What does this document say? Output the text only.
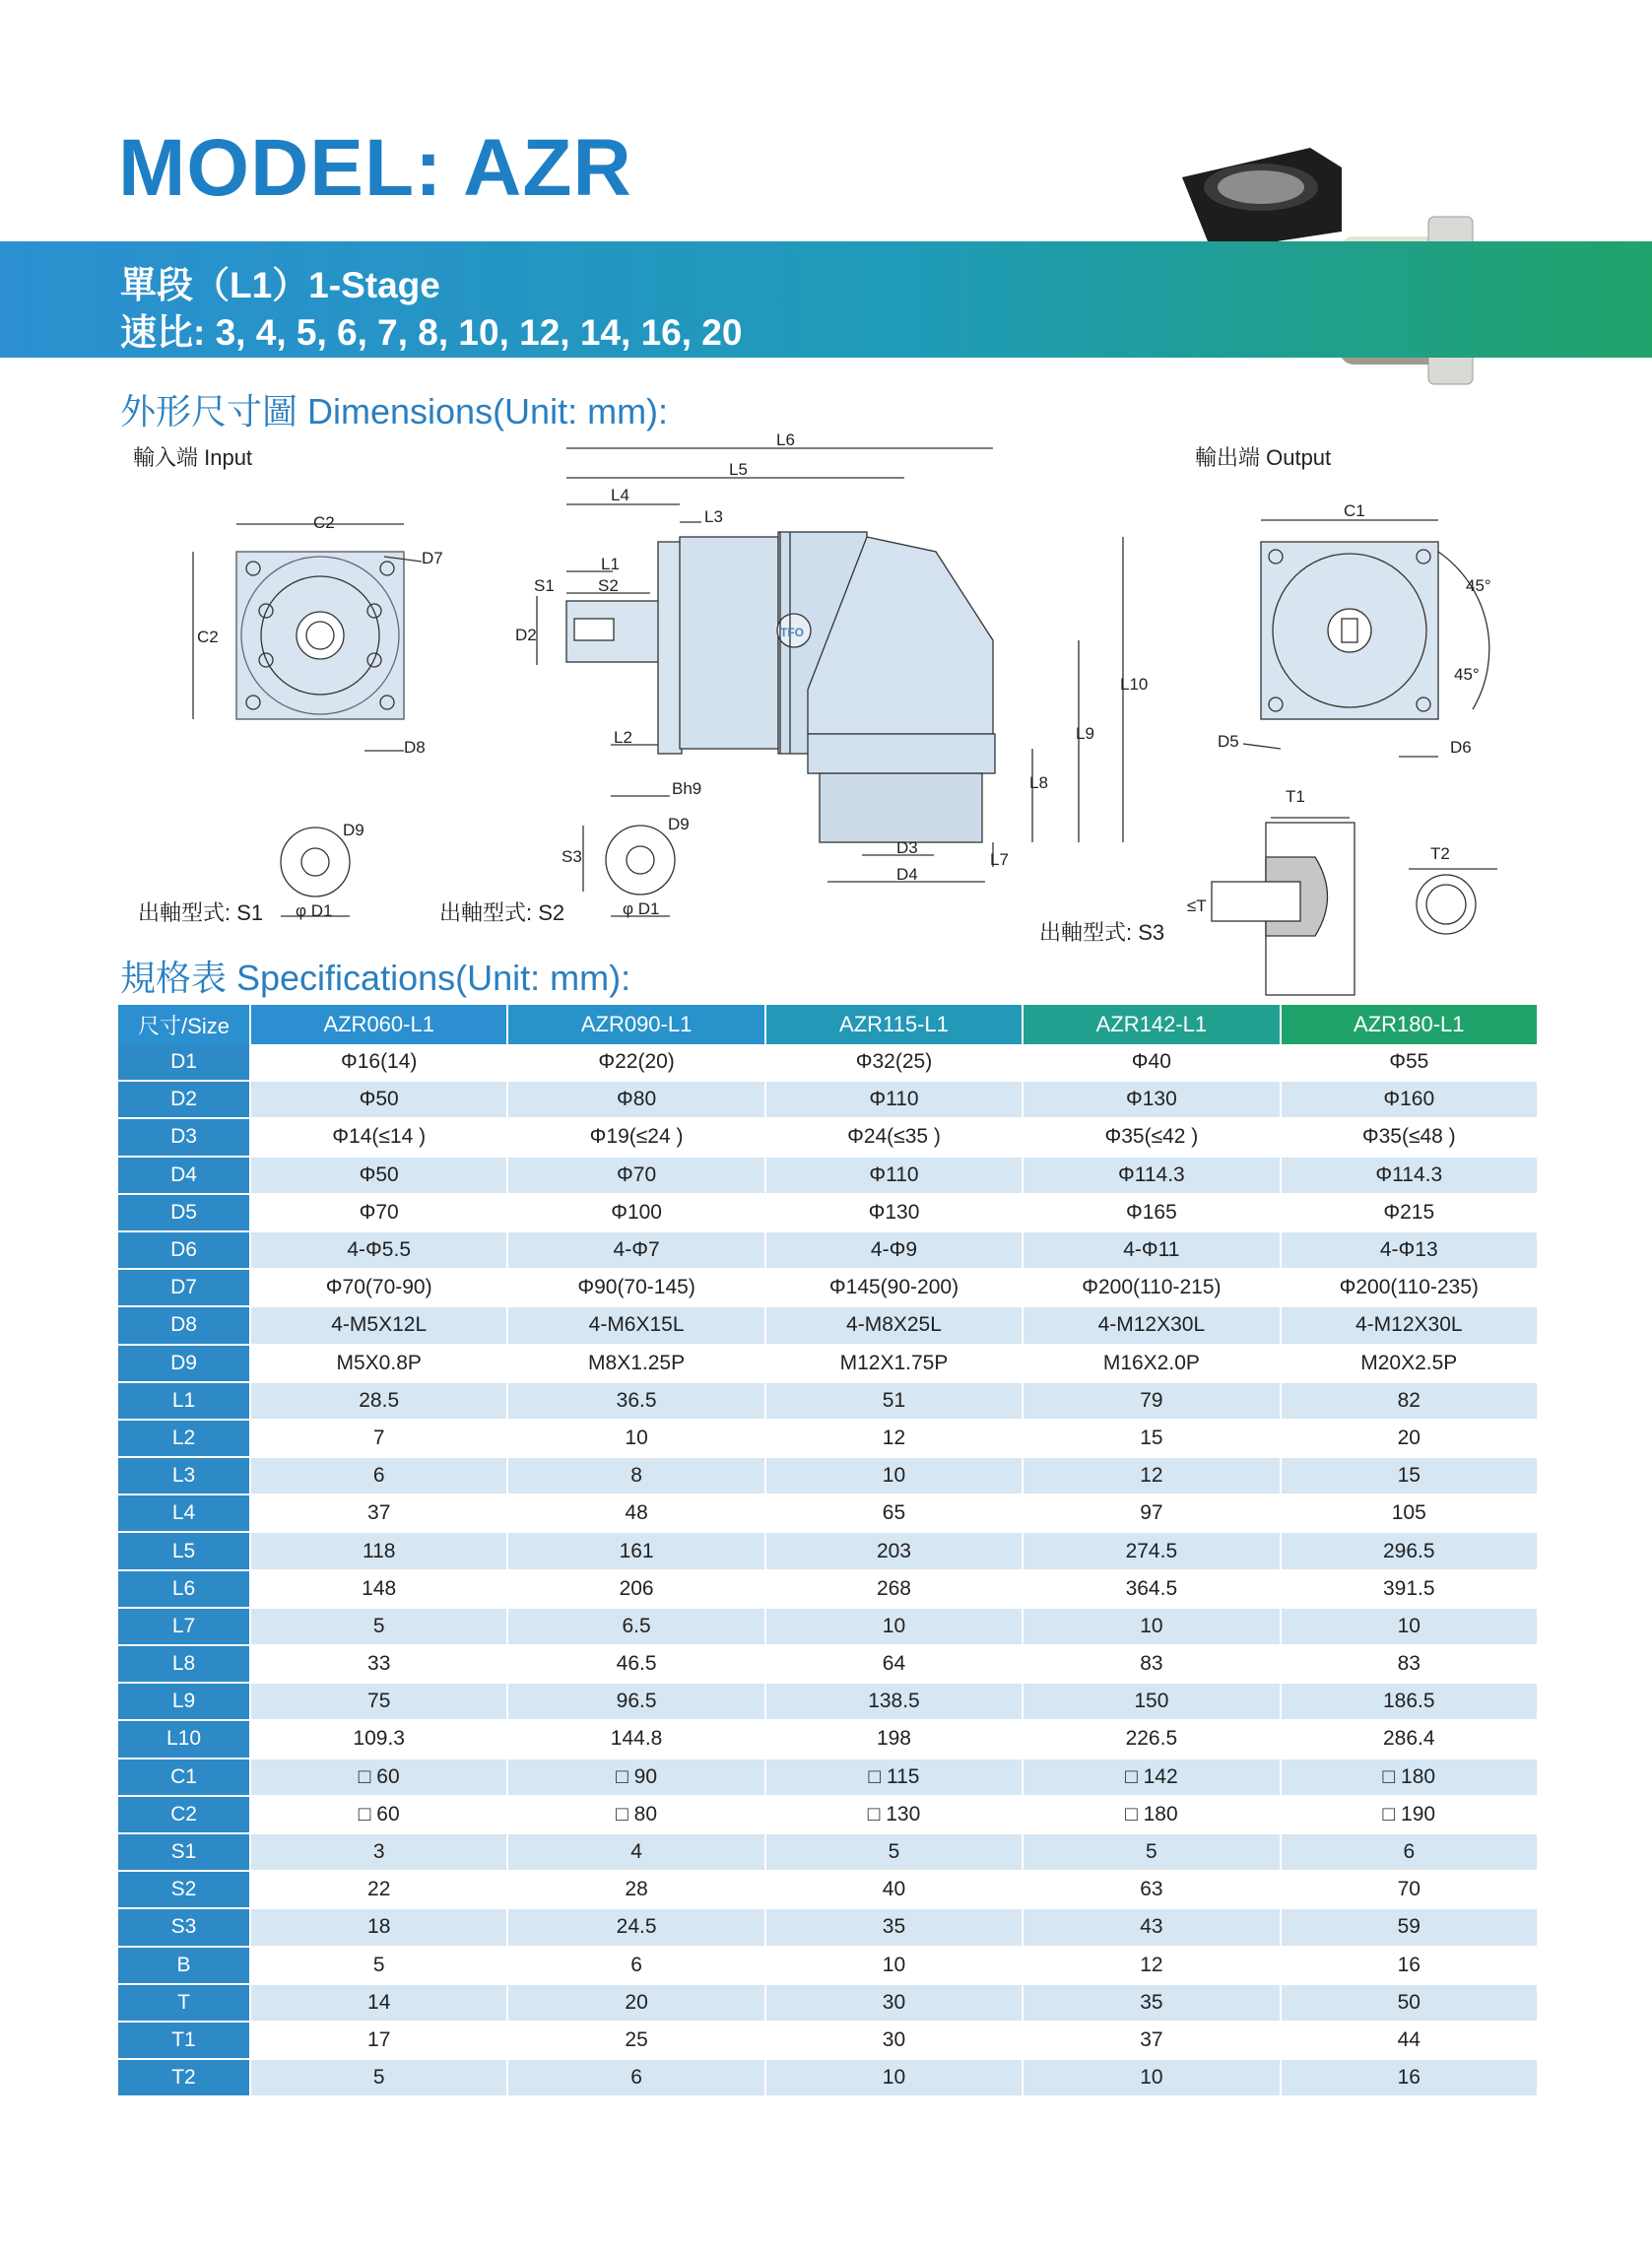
MODEL: AZR
單段（L1）1-Stage
速比: 3, 4, 5, 6, 7, 8, 10, 12, 14, 16, 20
外形尺寸圖 Dimensions(Unit: mm):
輸入端 Input	輸出端 Output
出軸型式: S1	出軸型式: S2
出軸型式: S3
C2
D7
D8
C2	D2
L1
S1	S2
L2
L3
L4
L5
L6
L7
L8
L9
L10
D3
D4
C1
D5	D6
45°
45°
D9
φ D1
D9
φ D1
Bh9
S3
T1
T2
≤T
TFO
規格表 Specifications(Unit: mm):
尺寸/Size	AZR060-L1	AZR090-L1	AZR115-L1	AZR142-L1	AZR180-L1
D1	Φ16(14)	Φ22(20)	Φ32(25)	Φ40	Φ55
D2	Φ50	Φ80	Φ110	Φ130	Φ160
D3	Φ14(≤14 )	Φ19(≤24 )	Φ24(≤35 )	Φ35(≤42 )	Φ35(≤48 )
D4	Φ50	Φ70	Φ110	Φ114.3	Φ114.3
D5	Φ70	Φ100	Φ130	Φ165	Φ215
D6	4-Φ5.5	4-Φ7	4-Φ9	4-Φ11	4-Φ13
D7	Φ70(70-90)	Φ90(70-145)	Φ145(90-200)	Φ200(110-215)	Φ200(110-235)
D8	4-M5X12L	4-M6X15L	4-M8X25L	4-M12X30L	4-M12X30L
D9	M5X0.8P	M8X1.25P	M12X1.75P	M16X2.0P	M20X2.5P
L1	28.5	36.5	51	79	82
L2	7	10	12	15	20
L3	6	8	10	12	15
L4	37	48	65	97	105
L5	118	161	203	274.5	296.5
L6	148	206	268	364.5	391.5
L7	5	6.5	10	10	10
L8	33	46.5	64	83	83
L9	75	96.5	138.5	150	186.5
L10	109.3	144.8	198	226.5	286.4
C1	□ 60	□ 90	□ 115	□ 142	□ 180
C2	□ 60	□ 80	□ 130	□ 180	□ 190
S1	3	4	5	5	6
S2	22	28	40	63	70
S3	18	24.5	35	43	59
B	5	6	10	12	16
T	14	20	30	35	50
T1	17	25	30	37	44
T2	5	6	10	10	16
